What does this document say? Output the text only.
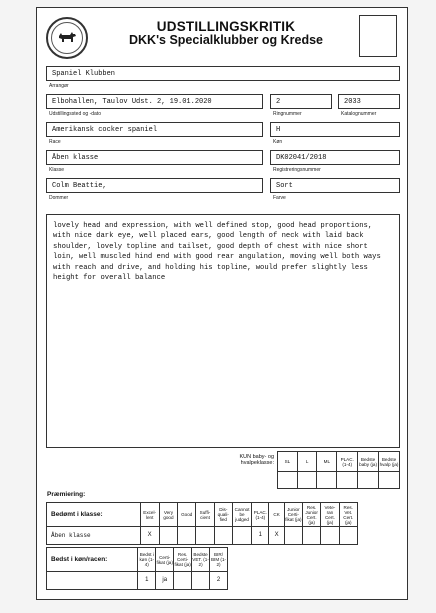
UDSTILLINGSKRITIK
DKK's Specialklubber og Kredse
Spaniel Klubben
Arrangør
Elbohallen, Taulov Udst. 2, 19.01.2020
Udstillingssted og -dato
2
Ringnummer
2033
Katalognummer
Amerikansk cocker spaniel
Race
H
Køn
Åben klasse
Klasse
DK02041/2018
Registreringsnummer
Colm Beattie,
Dommer
Sort
Farve
lovely head and expression, with well defined stop, good head proportions,
with nice dark eye, well placed ears, good length of neck with laid back
shoulder, lovely topline and tailset, good depth of chest with nice short
loin, well muscled hind end with good rear angulation, moving well both ways
with reach and drive, and holding his topline, would prefer slightly less
height for overall balance
KUN baby- og hvalpeklasse: SL	L	ML	PLAC. (1-4)	Bedste baby (ja)	Bedste hvalp (ja)

Præmiering:
Bedømt i klasse:	Excel-lent	Very good	Good	Suffi-cient	Dis-quali-fied	Cannot be judged	PLAC. (1-4)	CK	Junior Certi-fikat (ja)	Res. Junior Cert. (ja)	Vete-ran Cert. (ja)	Res. Vet. Cert. (ja)
Åben klasse	X						1	X				
Bedst i køn/racen:	Bedst i køn (1-4)	Certi-fikat (ja)	Res. Certi-fikat (ja)	Bedste VET. (1-2)	BIR/ BIM (1-2)
	1	ja			2
